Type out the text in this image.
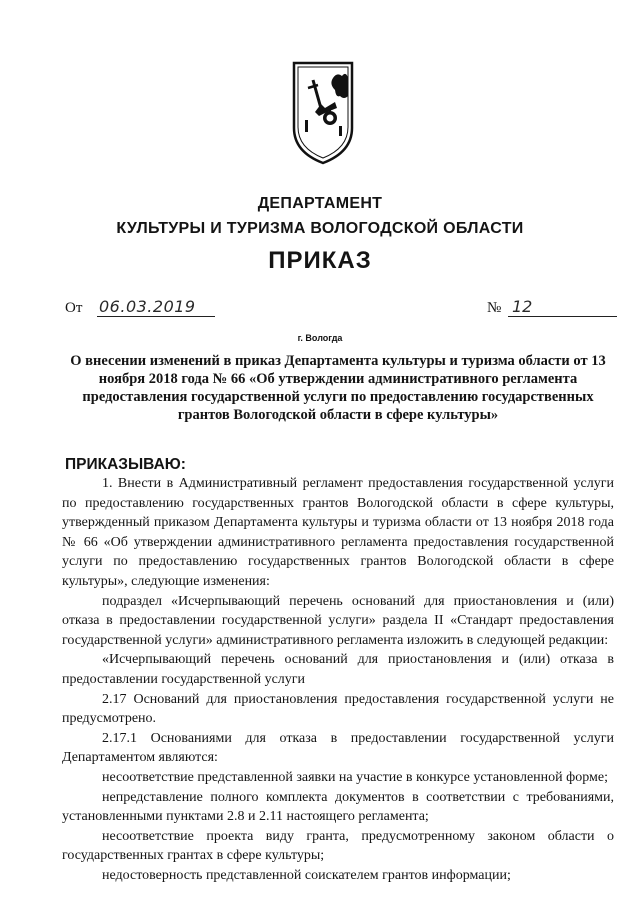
ДЕПАРТАМЕНТ
КУЛЬТУРЫ И ТУРИЗМА ВОЛОГОДСКОЙ ОБЛАСТИ
ПРИКАЗ
От 06.03.2019	№ 12
г. Вологда
О внесении изменений в приказ Департамента культуры и туризма области от 13 ноября 2018 года № 66 «Об утверждении административного регламента предоставления государственной услуги по предоставлению государственных грантов Вологодской области в сфере культуры»
ПРИКАЗЫВАЮ:

1. Внести в Административный регламент предоставления государственной услуги по предоставлению государственных грантов Вологодской области в сфере культуры, утвержденный приказом Департамента культуры и туризма области от 13 ноября 2018 года № 66 «Об утверждении административного регламента предоставления государственной услуги по предоставлению государственных грантов Вологодской области в сфере культуры», следующие изменения:

подраздел «Исчерпывающий перечень оснований для приостановления и (или) отказа в предоставлении государственной услуги» раздела II «Стандарт предоставления государственной услуги» административного регламента изложить в следующей редакции:

«Исчерпывающий перечень оснований для приостановления и (или) отказа в предоставлении государственной услуги

2.17 Оснований для приостановления предоставления государственной услуги не предусмотрено.

2.17.1 Основаниями для отказа в предоставлении государственной услуги Департаментом являются:

несоответствие представленной заявки на участие в конкурсе установленной форме;

непредставление полного комплекта документов в соответствии с требованиями, установленными пунктами 2.8 и 2.11 настоящего регламента;

несоответствие проекта виду гранта, предусмотренному законом области о государственных грантах в сфере культуры;

недостоверность представленной соискателем грантов информации;
